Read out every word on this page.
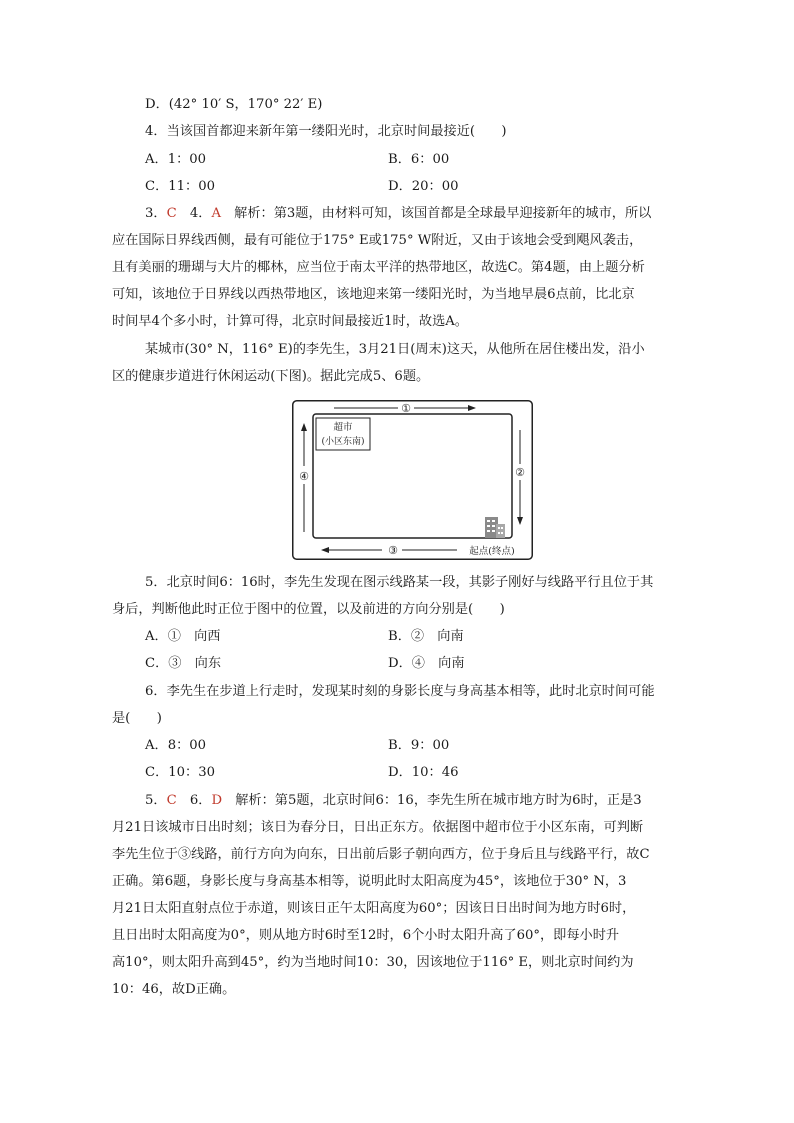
D．(42° 10′ S，170° 22′ E)
4．当该国首都迎来新年第一缕阳光时，北京时间最接近(　　)
A．1：00	B．6：00
C．11：00	D．20：00
3．C　4．A　解析：第3题，由材料可知，该国首都是全球最早迎接新年的城市，所以
应在国际日界线西侧，最有可能位于175° E或175° W附近，又由于该地会受到飓风袭击，
且有美丽的珊瑚与大片的椰林，应当位于南太平洋的热带地区，故选C。第4题，由上题分析
可知，该地位于日界线以西热带地区，该地迎来第一缕阳光时，为当地早晨6点前，比北京
时间早4个多小时，计算可得，北京时间最接近1时，故选A。
某城市(30° N，116° E)的李先生，3月21日(周末)这天，从他所在居住楼出发，沿小
区的健康步道进行休闲运动(下图)。据此完成5、6题。
①
②
③	起点(终点)
④
超市
(小区东南)
5．北京时间6：16时，李先生发现在图示线路某一段，其影子刚好与线路平行且位于其
身后，判断他此时正位于图中的位置，以及前进的方向分别是(　　)
A．①　向西	B．②　向南
C．③　向东	D．④　向南
6．李先生在步道上行走时，发现某时刻的身影长度与身高基本相等，此时北京时间可能
是(　　)
A．8：00	B．9：00
C．10：30	D．10：46
5．C　6．D　解析：第5题，北京时间6：16，李先生所在城市地方时为6时，正是3
月21日该城市日出时刻；该日为春分日，日出正东方。依据图中超市位于小区东南，可判断
李先生位于③线路，前行方向为向东，日出前后影子朝向西方，位于身后且与线路平行，故C
正确。第6题，身影长度与身高基本相等，说明此时太阳高度为45°，该地位于30° N，3
月21日太阳直射点位于赤道，则该日正午太阳高度为60°；因该日日出时间为地方时6时，
且日出时太阳高度为0°，则从地方时6时至12时，6个小时太阳升高了60°，即每小时升
高10°，则太阳升高到45°，约为当地时间10：30，因该地位于116° E，则北京时间约为
10：46，故D正确。
